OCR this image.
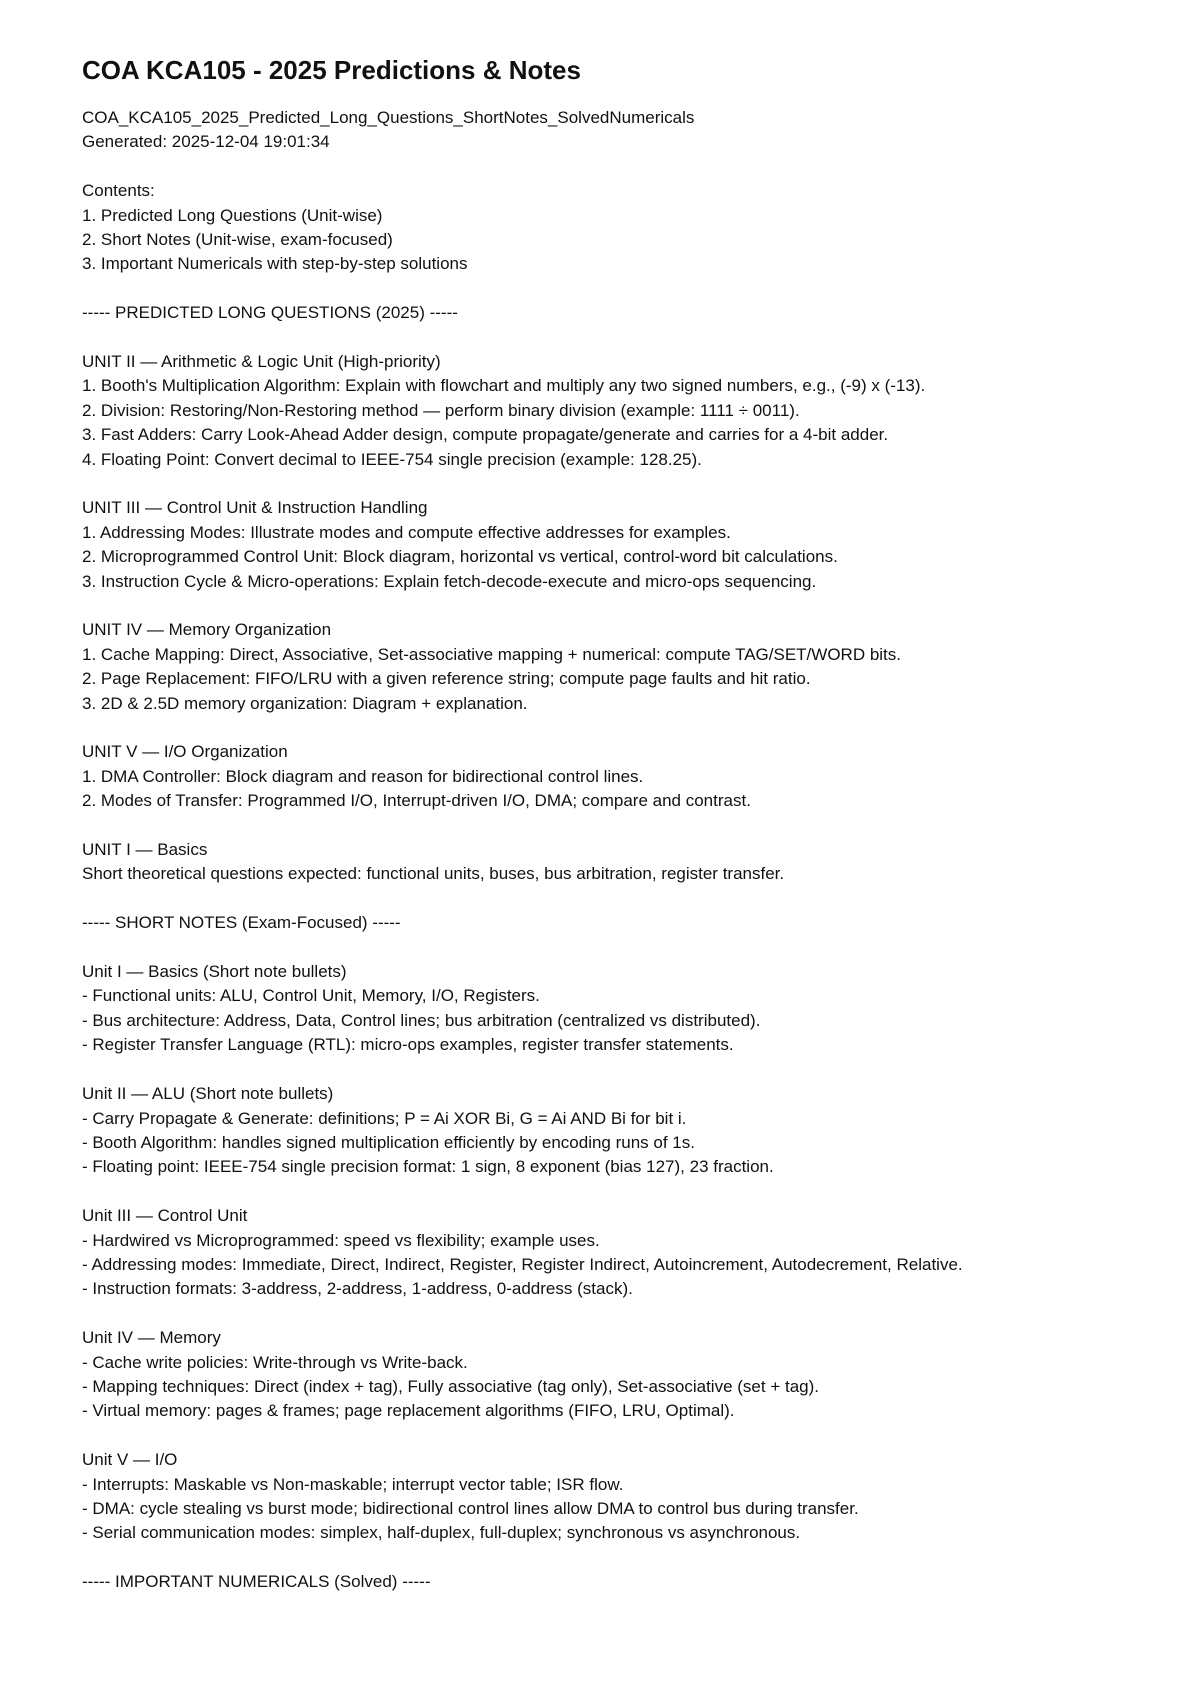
COA KCA105 - 2025 Predictions & Notes

COA_KCA105_2025_Predicted_Long_Questions_ShortNotes_SolvedNumericals

Generated: 2025-12-04 19:01:34

Contents:

1. Predicted Long Questions (Unit-wise)

2. Short Notes (Unit-wise, exam-focused)

3. Important Numericals with step-by-step solutions

----- PREDICTED LONG QUESTIONS (2025) -----

UNIT II — Arithmetic & Logic Unit (High-priority)

1. Booth's Multiplication Algorithm: Explain with flowchart and multiply any two signed numbers, e.g., (-9) x (-13).

2. Division: Restoring/Non-Restoring method — perform binary division (example: 1111 ÷ 0011).

3. Fast Adders: Carry Look-Ahead Adder design, compute propagate/generate and carries for a 4-bit adder.

4. Floating Point: Convert decimal to IEEE-754 single precision (example: 128.25).

UNIT III — Control Unit & Instruction Handling

1. Addressing Modes: Illustrate modes and compute effective addresses for examples.

2. Microprogrammed Control Unit: Block diagram, horizontal vs vertical, control-word bit calculations.

3. Instruction Cycle & Micro-operations: Explain fetch-decode-execute and micro-ops sequencing.

UNIT IV — Memory Organization

1. Cache Mapping: Direct, Associative, Set-associative mapping + numerical: compute TAG/SET/WORD bits.

2. Page Replacement: FIFO/LRU with a given reference string; compute page faults and hit ratio.

3. 2D & 2.5D memory organization: Diagram + explanation.

UNIT V — I/O Organization

1. DMA Controller: Block diagram and reason for bidirectional control lines.

2. Modes of Transfer: Programmed I/O, Interrupt-driven I/O, DMA; compare and contrast.

UNIT I — Basics

Short theoretical questions expected: functional units, buses, bus arbitration, register transfer.

----- SHORT NOTES (Exam-Focused) -----

Unit I — Basics (Short note bullets)

- Functional units: ALU, Control Unit, Memory, I/O, Registers.

- Bus architecture: Address, Data, Control lines; bus arbitration (centralized vs distributed).

- Register Transfer Language (RTL): micro-ops examples, register transfer statements.

Unit II — ALU (Short note bullets)

- Carry Propagate & Generate: definitions; P = Ai XOR Bi, G = Ai AND Bi for bit i.

- Booth Algorithm: handles signed multiplication efficiently by encoding runs of 1s.

- Floating point: IEEE-754 single precision format: 1 sign, 8 exponent (bias 127), 23 fraction.

Unit III — Control Unit

- Hardwired vs Microprogrammed: speed vs flexibility; example uses.

- Addressing modes: Immediate, Direct, Indirect, Register, Register Indirect, Autoincrement, Autodecrement, Relative.

- Instruction formats: 3-address, 2-address, 1-address, 0-address (stack).

Unit IV — Memory

- Cache write policies: Write-through vs Write-back.

- Mapping techniques: Direct (index + tag), Fully associative (tag only), Set-associative (set + tag).

- Virtual memory: pages & frames; page replacement algorithms (FIFO, LRU, Optimal).

Unit V — I/O

- Interrupts: Maskable vs Non-maskable; interrupt vector table; ISR flow.

- DMA: cycle stealing vs burst mode; bidirectional control lines allow DMA to control bus during transfer.

- Serial communication modes: simplex, half-duplex, full-duplex; synchronous vs asynchronous.

----- IMPORTANT NUMERICALS (Solved) -----
